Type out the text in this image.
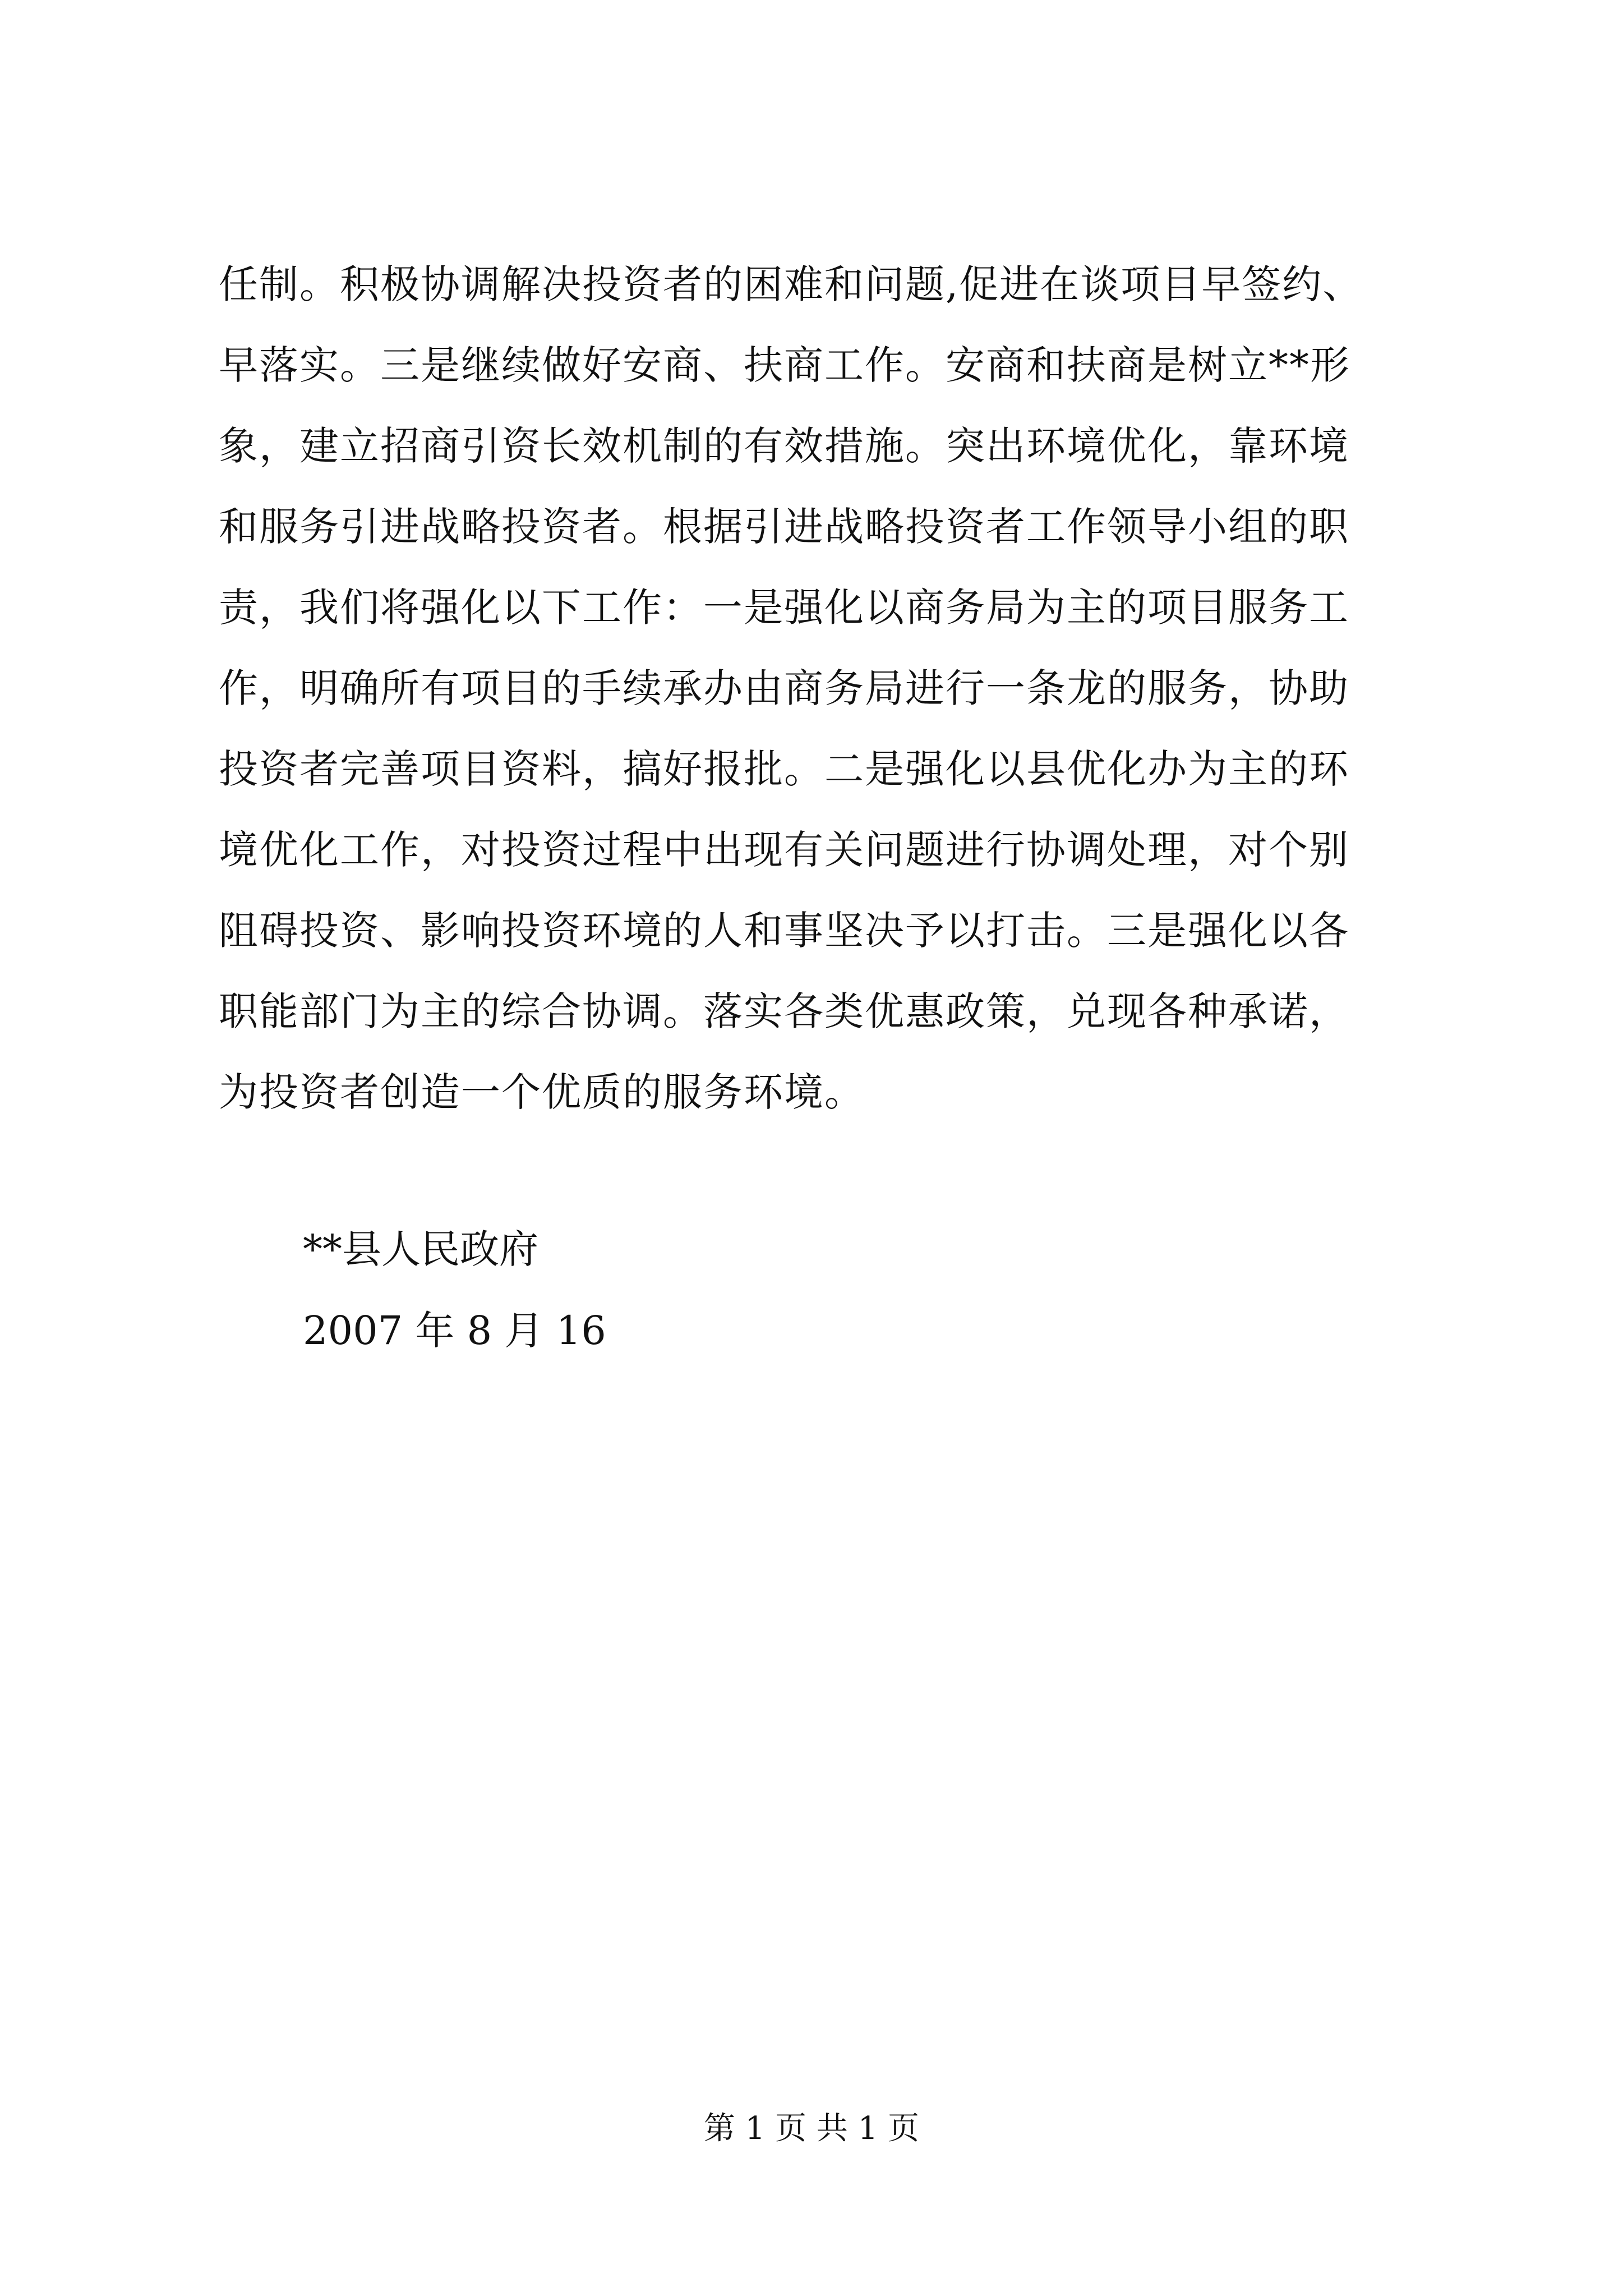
任制。积极协调解决投资者的困难和问题,促进在谈项目早签约、
早落实。三是继续做好安商、扶商工作。安商和扶商是树立**形
象，建立招商引资长效机制的有效措施。突出环境优化，靠环境
和服务引进战略投资者。根据引进战略投资者工作领导小组的职
责，我们将强化以下工作：一是强化以商务局为主的项目服务工
作，明确所有项目的手续承办由商务局进行一条龙的服务，协助
投资者完善项目资料，搞好报批。二是强化以县优化办为主的环
境优化工作，对投资过程中出现有关问题进行协调处理，对个别
阻碍投资、影响投资环境的人和事坚决予以打击。三是强化以各
职能部门为主的综合协调。落实各类优惠政策，兑现各种承诺，
为投资者创造一个优质的服务环境。
**县人民政府
2007 年 8 月 16
第 1 页 共 1 页
